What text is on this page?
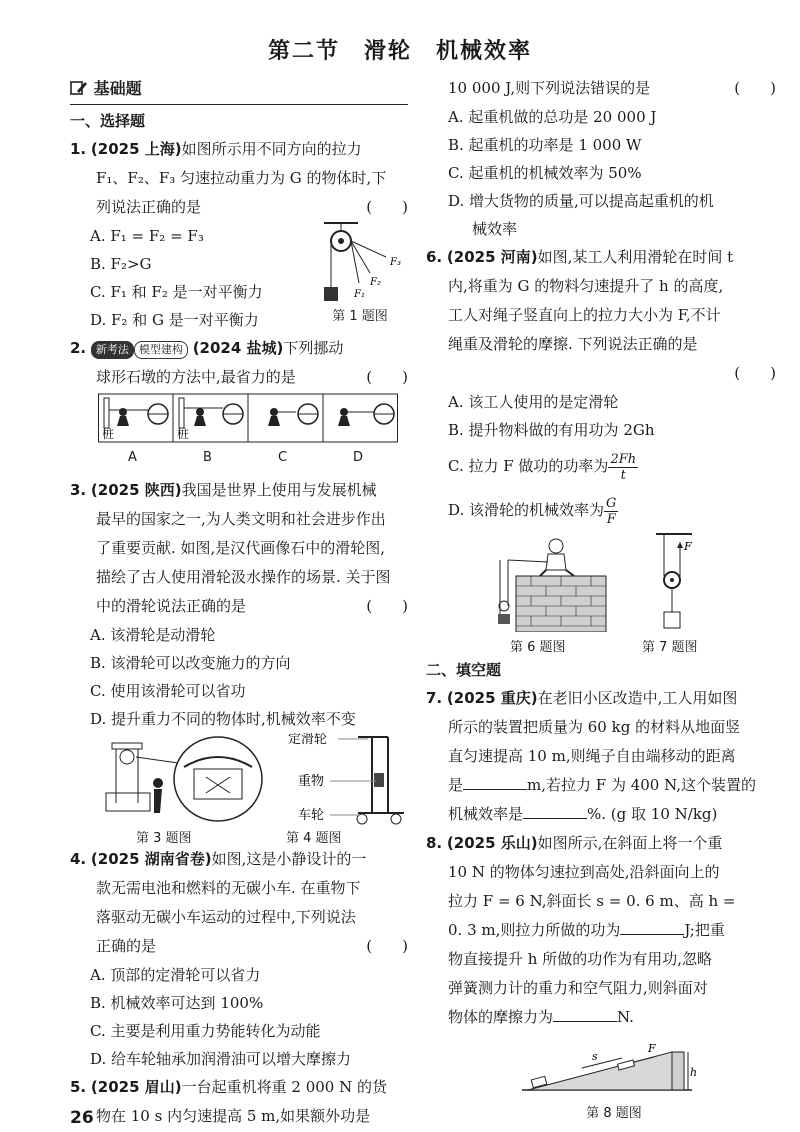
第二节　滑轮　机械效率
基础题

一、选择题

1. (2025 上海)如图所示用不同方向的拉力

F₁、F₂、F₃ 匀速拉动重力为 G 的物体时,下

列说法正确的是	(　　)

A. F₁ = F₂ = F₃

B. F₂>G

C. F₁ 和 F₂ 是一对平衡力

D. F₂ 和 G 是一对平衡力

F₁
F₂
F₃
第 1 题图

2. 新考法 模型建构 (2024 盐城)下列挪动

球形石墩的方法中,最省力的是	(　　)

桩	桩
A	B	C	D

3. (2025 陕西)我国是世界上使用与发展机械

最早的国家之一,为人类文明和社会进步作出

了重要贡献. 如图,是汉代画像石中的滑轮图,

描绘了古人使用滑轮汲水操作的场景. 关于图

中的滑轮说法正确的是	(　　)

A. 该滑轮是动滑轮

B. 该滑轮可以改变施力的方向

C. 使用该滑轮可以省功

D. 提升重力不同的物体时,机械效率不变

定滑轮
重物
车轮
第 3 题图	第 4 题图

4. (2025 湖南省卷)如图,这是小静设计的一

款无需电池和燃料的无碳小车. 在重物下

落驱动无碳小车运动的过程中,下列说法

正确的是	(　　)

A. 顶部的定滑轮可以省力

B. 机械效率可达到 100%

C. 主要是利用重力势能转化为动能

D. 给车轮轴承加润滑油可以增大摩擦力

5. (2025 眉山)一台起重机将重 2 000 N 的货

物在 10 s 内匀速提高 5 m,如果额外功是

10 000 J,则下列说法错误的是	(　　)

A. 起重机做的总功是 20 000 J

B. 起重机的功率是 1 000 W

C. 起重机的机械效率为 50%

D. 增大货物的质量,可以提高起重机的机

械效率

6. (2025 河南)如图,某工人利用滑轮在时间 t

内,将重为 G 的物料匀速提升了 h 的高度,

工人对绳子竖直向上的拉力大小为 F,不计

绳重及滑轮的摩擦. 下列说法正确的是

(　　)

A. 该工人使用的是定滑轮

B. 提升物料做的有用功为 2Gh

C. 拉力 F 做功的功率为 $\frac{2Fh}{t}$

D. 该滑轮的机械效率为 $\frac{G}{F}$

F
第 6 题图	第 7 题图

二、填空题

7. (2025 重庆)在老旧小区改造中,工人用如图

所示的装置把质量为 60 kg 的材料从地面竖

直匀速提高 10 m,则绳子自由端移动的距离

是	m,若拉力 F 为 400 N,这个装置的

机械效率是	%. (g 取 10 N/kg)

8. (2025 乐山)如图所示,在斜面上将一个重

10 N 的物体匀速拉到高处,沿斜面向上的

拉力 F = 6 N,斜面长 s = 0. 6 m、高 h =

0. 3 m,则拉力所做的功为	J;把重

物直接提升 h 所做的功作为有用功,忽略

弹簧测力计的重力和空气阻力,则斜面对

物体的摩擦力为	N.

s
h
F
第 8 题图
26
